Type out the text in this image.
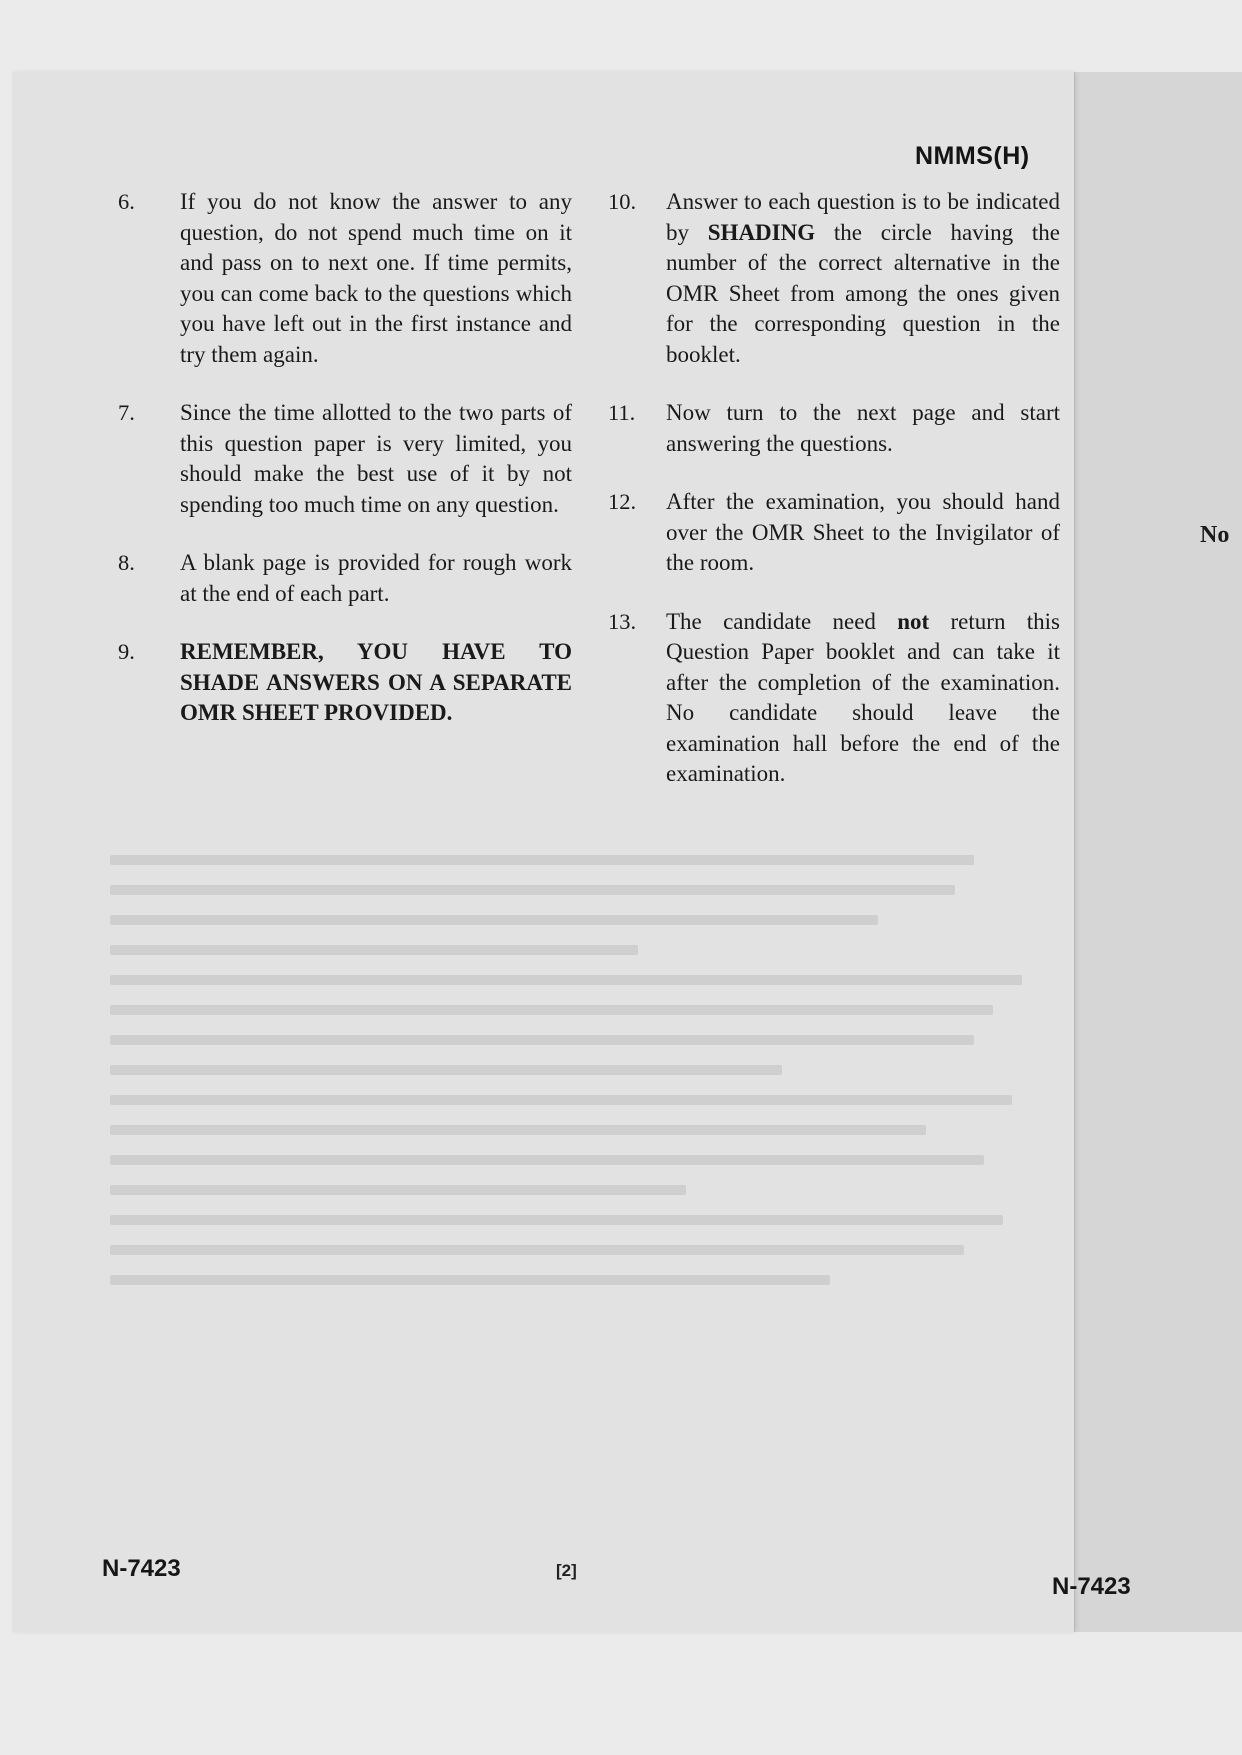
NMMS(H)
6. If you do not know the answer to any question, do not spend much time on it and pass on to next one. If time permits, you can come back to the questions which you have left out in the first instance and try them again.
7. Since the time allotted to the two parts of this question paper is very limited, you should make the best use of it by not spending too much time on any question.
8. A blank page is provided for rough work at the end of each part.
9. REMEMBER, YOU HAVE TO SHADE ANSWERS ON A SEPARATE OMR SHEET PROVIDED.
10. Answer to each question is to be indicated by SHADING the circle having the number of the correct alternative in the OMR Sheet from among the ones given for the corresponding question in the booklet.
11. Now turn to the next page and start answering the questions.
12. After the examination, you should hand over the OMR Sheet to the Invigilator of the room.
13. The candidate need not return this Question Paper booklet and can take it after the completion of the examination. No candidate should leave the examination hall before the end of the examination.
No
N-7423	[2]
N-7423
